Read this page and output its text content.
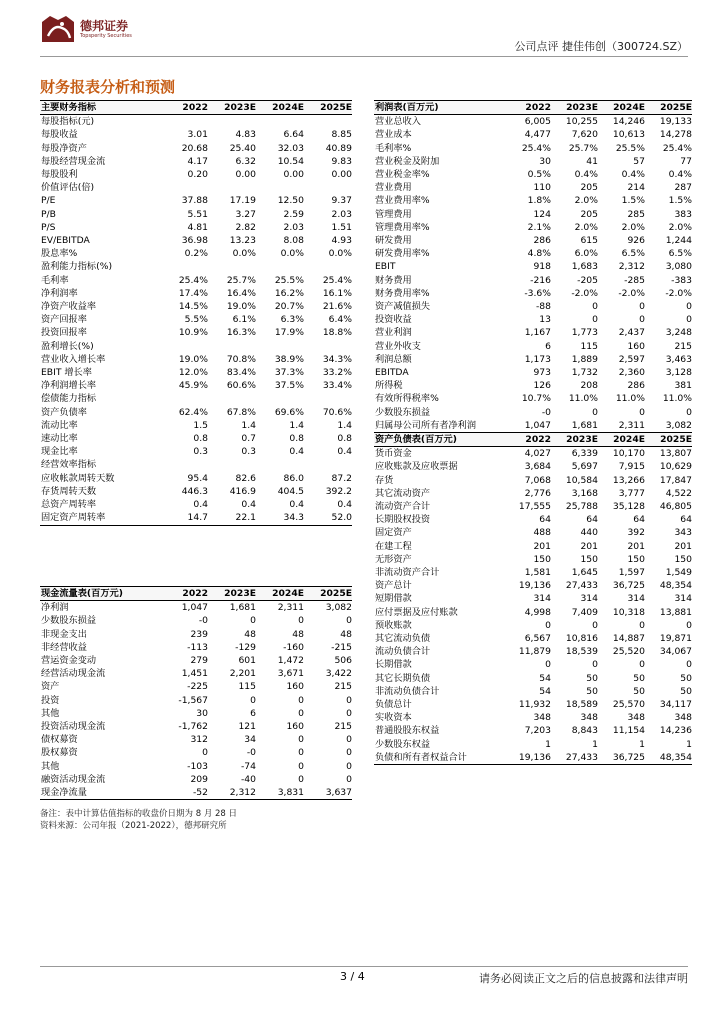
德邦证券
Topsperity Securities
公司点评 捷佳伟创（300724.SZ）
财务报表分析和预测
主要财务指标	2022	2023E	2024E	2025E
每股指标(元)				
每股收益	3.01	4.83	6.64	8.85
每股净资产	20.68	25.40	32.03	40.89
每股经营现金流	4.17	6.32	10.54	9.83
每股股利	0.20	0.00	0.00	0.00
价值评估(倍)				
P/E	37.88	17.19	12.50	9.37
P/B	5.51	3.27	2.59	2.03
P/S	4.81	2.82	2.03	1.51
EV/EBITDA	36.98	13.23	8.08	4.93
股息率%	0.2%	0.0%	0.0%	0.0%
盈利能力指标(%)				
毛利率	25.4%	25.7%	25.5%	25.4%
净利润率	17.4%	16.4%	16.2%	16.1%
净资产收益率	14.5%	19.0%	20.7%	21.6%
资产回报率	5.5%	6.1%	6.3%	6.4%
投资回报率	10.9%	16.3%	17.9%	18.8%
盈利增长(%)				
营业收入增长率	19.0%	70.8%	38.9%	34.3%
EBIT 增长率	12.0%	83.4%	37.3%	33.2%
净利润增长率	45.9%	60.6%	37.5%	33.4%
偿债能力指标				
资产负债率	62.4%	67.8%	69.6%	70.6%
流动比率	1.5	1.4	1.4	1.4
速动比率	0.8	0.7	0.8	0.8
现金比率	0.3	0.3	0.4	0.4
经营效率指标				
应收帐款周转天数	95.4	82.6	86.0	87.2
存货周转天数	446.3	416.9	404.5	392.2
总资产周转率	0.4	0.4	0.4	0.4
固定资产周转率	14.7	22.1	34.3	52.0
现金流量表(百万元)	2022	2023E	2024E	2025E
净利润	1,047	1,681	2,311	3,082
少数股东损益	-0	0	0	0
非现金支出	239	48	48	48
非经营收益	-113	-129	-160	-215
营运资金变动	279	601	1,472	506
经营活动现金流	1,451	2,201	3,671	3,422
资产	-225	115	160	215
投资	-1,567	0	0	0
其他	30	6	0	0
投资活动现金流	-1,762	121	160	215
债权募资	312	34	0	0
股权募资	0	-0	0	0
其他	-103	-74	0	0
融资活动现金流	209	-40	0	0
现金净流量	-52	2,312	3,831	3,637
利润表(百万元)	2022	2023E	2024E	2025E
营业总收入	6,005	10,255	14,246	19,133
营业成本	4,477	7,620	10,613	14,278
毛利率%	25.4%	25.7%	25.5%	25.4%
营业税金及附加	30	41	57	77
营业税金率%	0.5%	0.4%	0.4%	0.4%
营业费用	110	205	214	287
营业费用率%	1.8%	2.0%	1.5%	1.5%
管理费用	124	205	285	383
管理费用率%	2.1%	2.0%	2.0%	2.0%
研发费用	286	615	926	1,244
研发费用率%	4.8%	6.0%	6.5%	6.5%
EBIT	918	1,683	2,312	3,080
财务费用	-216	-205	-285	-383
财务费用率%	-3.6%	-2.0%	-2.0%	-2.0%
资产减值损失	-88	0	0	0
投资收益	13	0	0	0
营业利润	1,167	1,773	2,437	3,248
营业外收支	6	115	160	215
利润总额	1,173	1,889	2,597	3,463
EBITDA	973	1,732	2,360	3,128
所得税	126	208	286	381
有效所得税率%	10.7%	11.0%	11.0%	11.0%
少数股东损益	-0	0	0	0
归属母公司所有者净利润	1,047	1,681	2,311	3,082
资产负债表(百万元)	2022	2023E	2024E	2025E
货币资金	4,027	6,339	10,170	13,807
应收账款及应收票据	3,684	5,697	7,915	10,629
存货	7,068	10,584	13,266	17,847
其它流动资产	2,776	3,168	3,777	4,522
流动资产合计	17,555	25,788	35,128	46,805
长期股权投资	64	64	64	64
固定资产	488	440	392	343
在建工程	201	201	201	201
无形资产	150	150	150	150
非流动资产合计	1,581	1,645	1,597	1,549
资产总计	19,136	27,433	36,725	48,354
短期借款	314	314	314	314
应付票据及应付账款	4,998	7,409	10,318	13,881
预收账款	0	0	0	0
其它流动负债	6,567	10,816	14,887	19,871
流动负债合计	11,879	18,539	25,520	34,067
长期借款	0	0	0	0
其它长期负债	54	50	50	50
非流动负债合计	54	50	50	50
负债总计	11,932	18,589	25,570	34,117
实收资本	348	348	348	348
普通股股东权益	7,203	8,843	11,154	14,236
少数股东权益	1	1	1	1
负债和所有者权益合计	19,136	27,433	36,725	48,354
备注：表中计算估值指标的收盘价日期为 8 月 28 日
资料来源：公司年报（2021-2022），德邦研究所
3 / 4	请务必阅读正文之后的信息披露和法律声明
